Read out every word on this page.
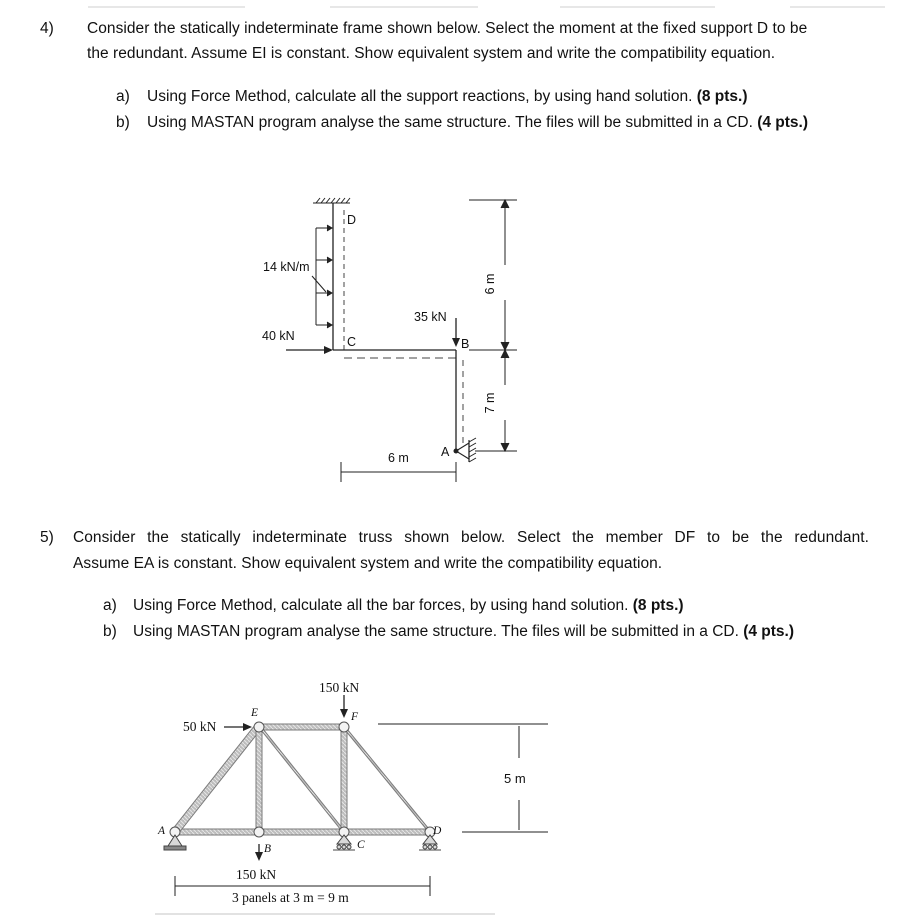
4) Consider the statically indeterminate frame shown below. Select the moment at the fixed support D to be
the redundant. Assume EI is constant. Show equivalent system and write the compatibility equation.
a) Using Force Method, calculate all the support reactions, by using hand solution. (8 pts.)
b) Using MASTAN program analyse the same structure. The files will be submitted in a CD. (4 pts.)
D
C	B
A
14 kN/m
40 kN
35 kN
6 m
6 m
7 m
5) Consider the statically indeterminate truss shown below. Select the member DF to be the redundant.
Assume EA is constant. Show equivalent system and write the compatibility equation.
a) Using Force Method, calculate all the bar forces, by using hand solution. (8 pts.)
b) Using MASTAN program analyse the same structure. The files will be submitted in a CD. (4 pts.)
150 kN
50 kN
150 kN
A
B	C
D
E	F
5 m
3 panels at 3 m = 9 m
